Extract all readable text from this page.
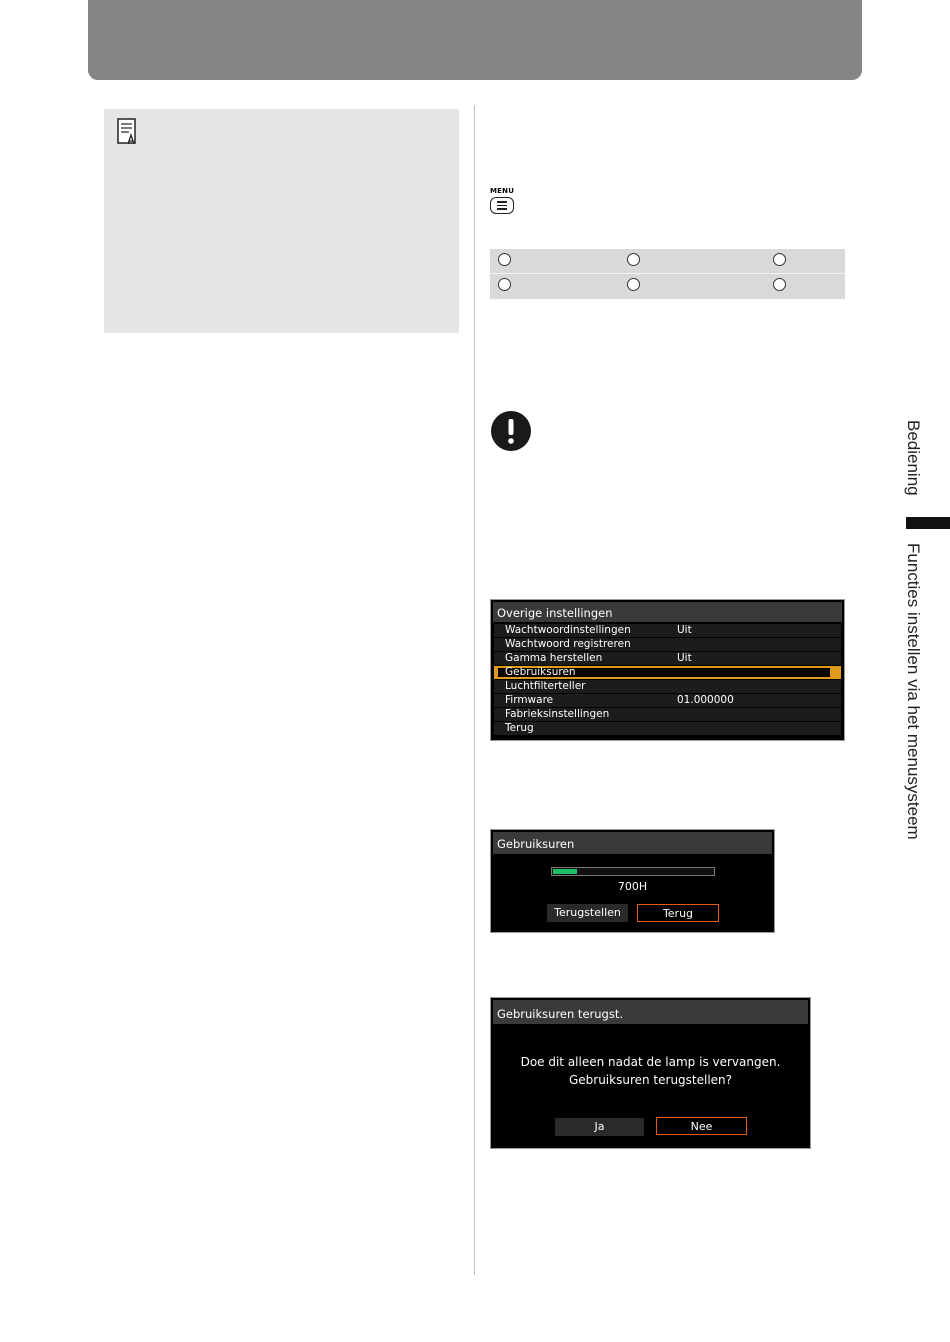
MENU
Overige instellingen
Wachtwoordinstellingen	Uit
Wachtwoord registreren
Gamma herstellen	Uit
Gebruiksuren
Luchtfilterteller
Firmware	01.000000
Fabrieksinstellingen
Terug
Gebruiksuren
700H
Terugstellen	Terug
Gebruiksuren terugst.
Doe dit alleen nadat de lamp is vervangen.
Gebruiksuren terugstellen?
Ja	Nee
Bediening
Functies instellen via het menusysteem
